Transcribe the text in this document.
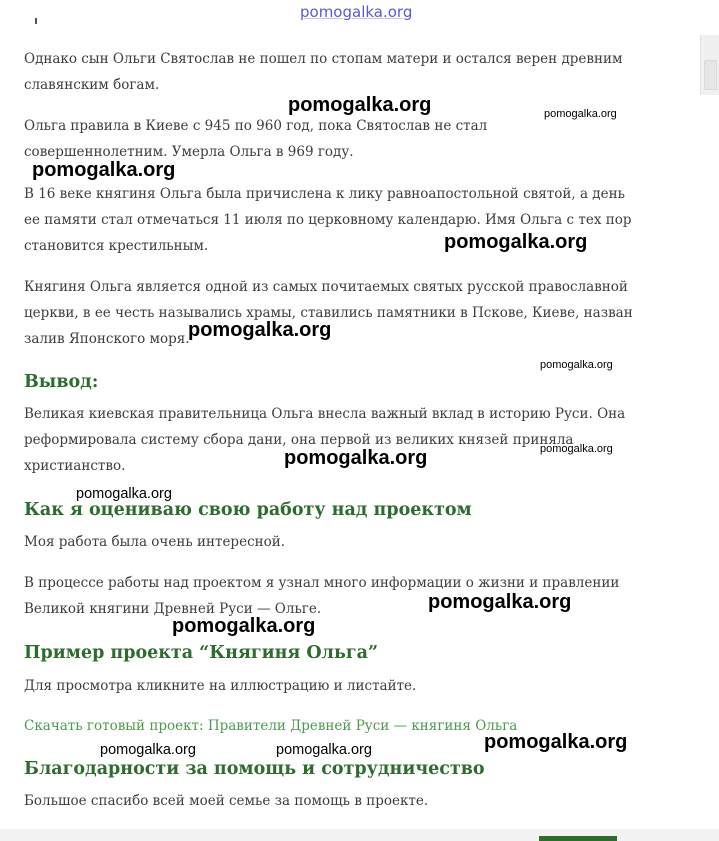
pomogalka.org

Однако сын Ольги Святослав не пошел по стопам матери и остался верен древним славянским богам.

Ольга правила в Киеве с 945 по 960 год, пока Святослав не стал совершеннолетним. Умерла Ольга в 969 году.

В 16 веке княгиня Ольга была причислена к лику равноапостольной святой, а день ее памяти стал отмечаться 11 июля по церковному календарю. Имя Ольга с тех пор становится крестильным.

Княгиня Ольга является одной из самых почитаемых святых русской православной церкви, в ее честь назывались храмы, ставились памятники в Пскове, Киеве, назван залив Японского моря.

Вывод:

Великая киевская правительница Ольга внесла важный вклад в историю Руси. Она реформировала систему сбора дани, она первой из великих князей приняла христианство.

Как я оцениваю свою работу над проектом

Моя работа была очень интересной.

В процессе работы над проектом я узнал много информации о жизни и правлении Великой княгини Древней Руси — Ольге.

Пример проекта “Княгиня Ольга”

Для просмотра кликните на иллюстрацию и листайте.

Скачать готовый проект: Правители Древней Руси — княгиня Ольга
Благодарности за помощь и сотрудничество

Большое спасибо всей моей семье за помощь в проекте.

pomogalka.org	pomogalka.org
pomogalka.org
pomogalka.org
pomogalka.org
pomogalka.org
pomogalka.org
pomogalka.org
pomogalka.org
pomogalka.org
pomogalka.org
pomogalka.org	pomogalka.org	pomogalka.org
